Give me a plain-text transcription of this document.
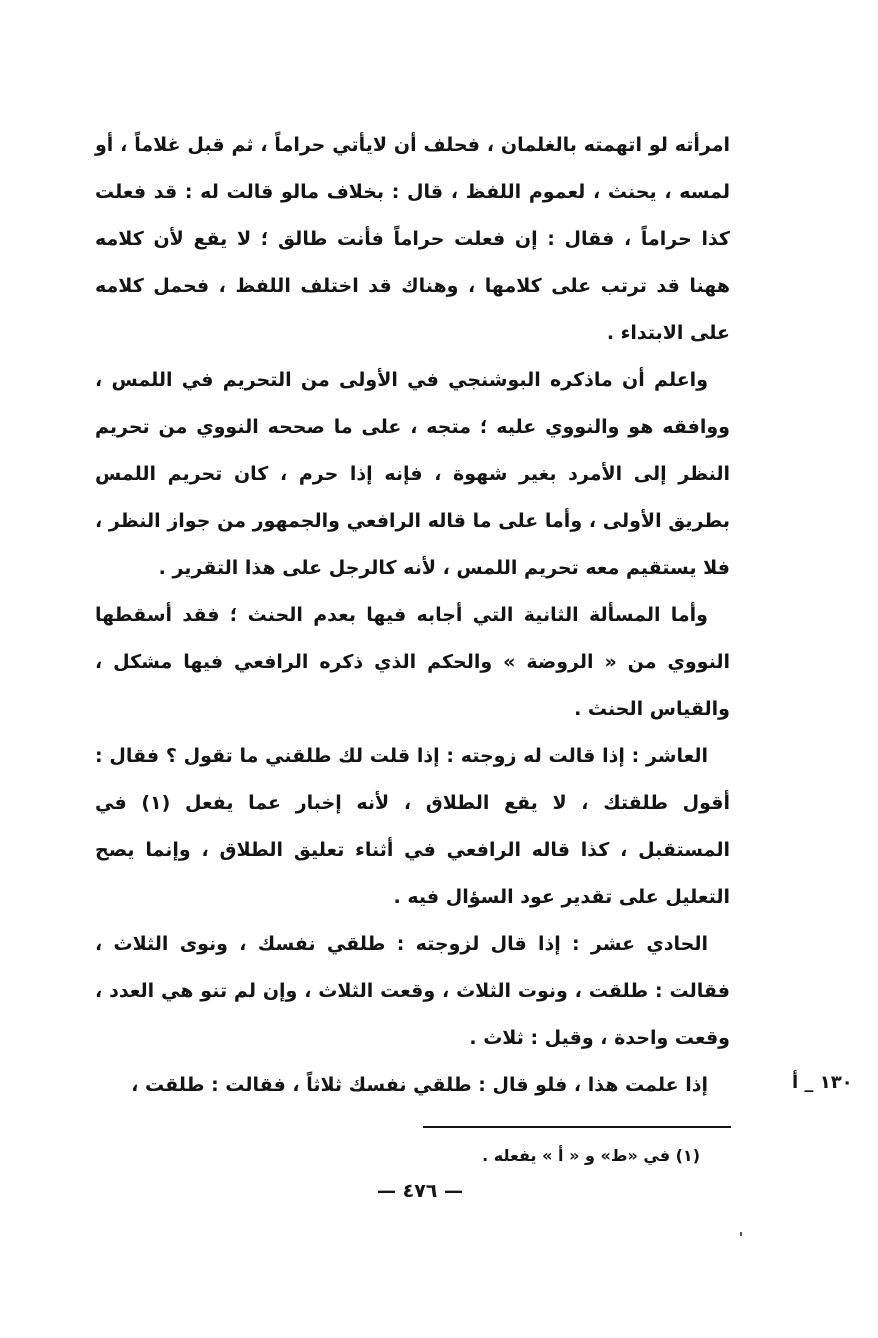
امرأته لو اتهمته بالغلمان ، فحلف أن لايأتي حراماً ، ثم قبل غلاماً ، أو لمسه ، يحنث ، لعموم اللفظ ، قال : بخلاف مالو قالت له : قد فعلت كذا حراماً ، فقال : إن فعلت حراماً فأنت طالق ؛ لا يقع لأن كلامه ههنا قد ترتب على كلامها ، وهناك قد اختلف اللفظ ، فحمل كلامه على الابتداء .

واعلم أن ماذكره البوشنجي في الأولى من التحريم في اللمس ، ووافقه هو والنووي عليه ؛ متجه ، على ما صححه النووي من تحريم النظر إلى الأمرد بغير شهوة ، فإنه إذا حرم ، كان تحريم اللمس بطريق الأولى ، وأما على ما قاله الرافعي والجمهور من جواز النظر ، فلا يستقيم معه تحريم اللمس ، لأنه كالرجل على هذا التقرير .

وأما المسألة الثانية التي أجابه فيها بعدم الحنث ؛ فقد أسقطها النووي من « الروضة » والحكم الذي ذكره الرافعي فيها مشكل ، والقياس الحنث .

العاشر : إذا قالت له زوجته : إذا قلت لك طلقني ما تقول ؟ فقال : أقول طلقتك ، لا يقع الطلاق ، لأنه إخبار عما يفعل (١) في المستقبل ، كذا قاله الرافعي في أثناء تعليق الطلاق ، وإنما يصح التعليل على تقدير عود السؤال فيه .

الحادي عشر : إذا قال لزوجته : طلقي نفسك ، ونوى الثلاث ، فقالت : طلقت ، ونوت الثلاث ، وقعت الثلاث ، وإن لم تنو هي العدد ، وقعت واحدة ، وقيل : ثلاث .

إذا علمت هذا ، فلو قال : طلقي نفسك ثلاثاً ، فقالت : طلقت ،	١٣٠ _ أ
(١) في «ط» و « أ » يفعله .
— ٤٧٦ —
